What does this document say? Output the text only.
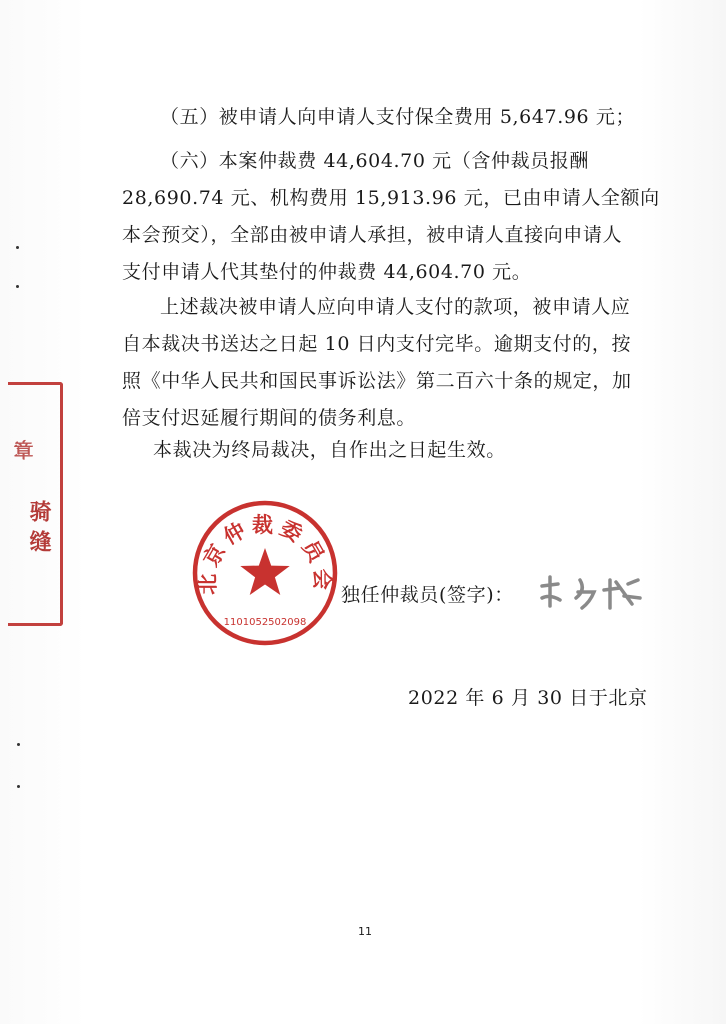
骑缝
章

（五）被申请人向申请人支付保全费用 5,647.96 元；

（六）本案仲裁费 44,604.70 元（含仲裁员报酬
28,690.74 元、机构费用 15,913.96 元，已由申请人全额向
本会预交），全部由被申请人承担，被申请人直接向申请人
支付申请人代其垫付的仲裁费 44,604.70 元。

上述裁决被申请人应向申请人支付的款项，被申请人应
自本裁决书送达之日起 10 日内支付完毕。逾期支付的，按
照《中华人民共和国民事诉讼法》第二百六十条的规定，加
倍支付迟延履行期间的债务利息。

本裁决为终局裁决，自作出之日起生效。

北京仲裁委员会
1101052502098
独任仲裁员(签字)：
2022 年 6 月 30 日于北京
11
